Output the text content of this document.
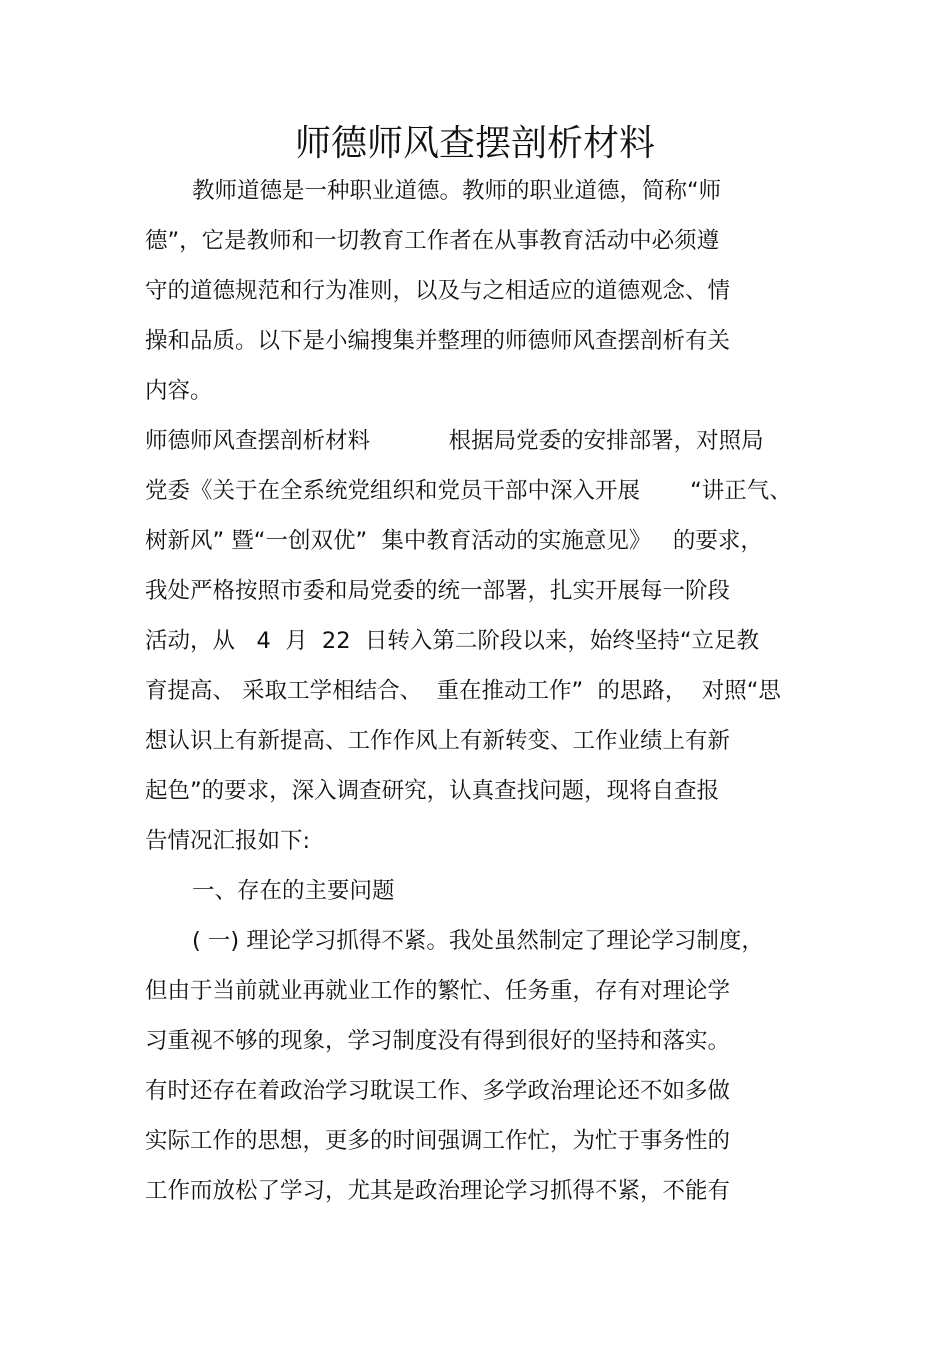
师德师风查摆剖析材料
教师道德是一种职业道德。教师的职业道德，简称“师
德”，它是教师和一切教育工作者在从事教育活动中必须遵
守的道德规范和行为准则，以及与之相适应的道德观念、情
操和品质。以下是小编搜集并整理的师德师风查摆剖析有关
内容。
师德师风查摆剖析材料           根据局党委的安排部署，对照局
党委《关于在全系统党组织和党员干部中深入开展       “讲正气、
树新风” 暨“一创双优”  集中教育活动的实施意见》   的要求，
我处严格按照市委和局党委的统一部署，扎实开展每一阶段
活动，从   4  月  22  日转入第二阶段以来，始终坚持“立足教
育提高、 采取工学相结合、  重在推动工作”  的思路，  对照“思
想认识上有新提高、工作作风上有新转变、工作业绩上有新
起色”的要求，深入调查研究，认真查找问题，现将自查报
告情况汇报如下:
一、存在的主要问题
( 一) 理论学习抓得不紧。我处虽然制定了理论学习制度，
但由于当前就业再就业工作的繁忙、任务重，存有对理论学
习重视不够的现象，学习制度没有得到很好的坚持和落实。
有时还存在着政治学习耽误工作、多学政治理论还不如多做
实际工作的思想，更多的时间强调工作忙，为忙于事务性的
工作而放松了学习，尤其是政治理论学习抓得不紧，不能有
